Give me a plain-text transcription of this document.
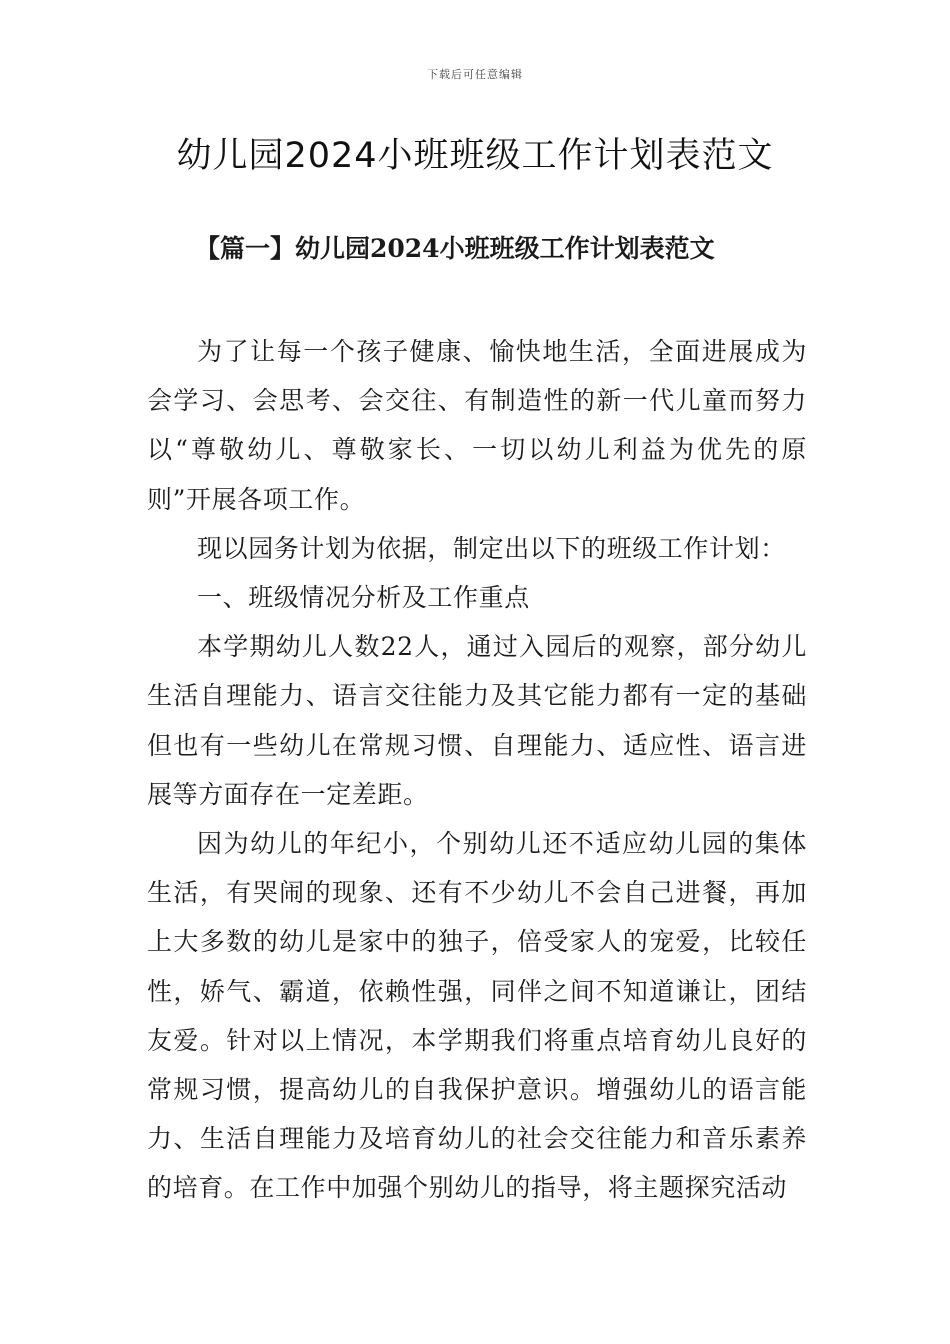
下载后可任意编辑
幼儿园2024小班班级工作计划表范文
【篇一】幼儿园2024小班班级工作计划表范文

为了让每一个孩子健康、愉快地生活，全面进展成为会学习、会思考、会交往、有制造性的新一代儿童而努力以“尊敬幼儿、尊敬家长、一切以幼儿利益为优先的原则”开展各项工作。

现以园务计划为依据，制定出以下的班级工作计划：

一、班级情况分析及工作重点

本学期幼儿人数22人，通过入园后的观察，部分幼儿生活自理能力、语言交往能力及其它能力都有一定的基础但也有一些幼儿在常规习惯、自理能力、适应性、语言进展等方面存在一定差距。

因为幼儿的年纪小，个别幼儿还不适应幼儿园的集体生活，有哭闹的现象、还有不少幼儿不会自己进餐，再加上大多数的幼儿是家中的独子，倍受家人的宠爱，比较任性，娇气、霸道，依赖性强，同伴之间不知道谦让，团结友爱。针对以上情况，本学期我们将重点培育幼儿良好的常规习惯，提高幼儿的自我保护意识。增强幼儿的语言能力、生活自理能力及培育幼儿的社会交往能力和音乐素养的培育。在工作中加强个别幼儿的指导，将主题探究活动
